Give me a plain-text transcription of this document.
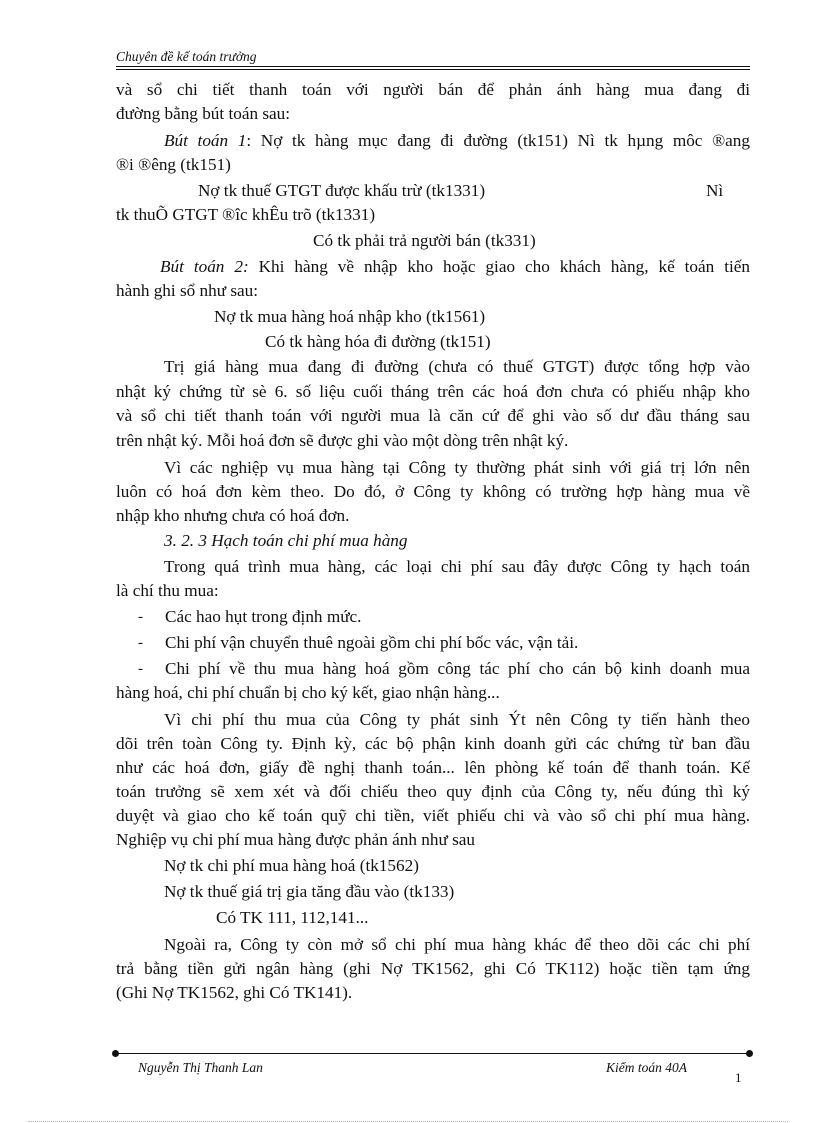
Chuyên đề kế toán trưởng
và sổ chi tiết thanh toán với người bán để phản ánh hàng mua đang đi
đường bằng bút toán sau:
Bút toán 1: Nợ tk hàng mục đang đi đường (tk151) Nì tk hµng môc ®ang
®i ®êng (tk151)
Nợ tk thuế GTGT được khấu trừ (tk1331)	Nì
tk thuÕ GTGT ®îc khÊu trõ (tk1331)
Có tk phải trả người bán (tk331)
Bút toán 2: Khi hàng về nhập kho hoặc giao cho khách hàng, kế toán tiến
hành ghi sổ như sau:
Nợ tk mua hàng hoá nhập kho (tk1561)
Có tk hàng hóa đi đường (tk151)
Trị giá hàng mua đang đi đường (chưa có thuế GTGT) được tổng hợp vào
nhật ký chứng từ sè 6. số liệu cuối tháng trên các hoá đơn chưa có phiếu nhập kho
và sổ chi tiết thanh toán với người mua là căn cứ để ghi vào số dư đầu tháng sau
trên nhật ký. Mỗi hoá đơn sẽ được ghi vào một dòng trên nhật ký.
Vì các nghiệp vụ mua hàng tại Công ty thường phát sinh với giá trị lớn nên
luôn có hoá đơn kèm theo. Do đó, ở Công ty không có trường hợp hàng mua về
nhập kho nhưng chưa có hoá đơn.
3. 2. 3 Hạch toán chi phí mua hàng
Trong quá trình mua hàng, các loại chi phí sau đây được Công ty hạch toán
là chí thu mua:
- Các hao hụt trong định mức.
- Chi phí vận chuyển thuê ngoài gồm chi phí bốc vác, vận tải.
- Chi phí về thu mua hàng hoá gồm công tác phí cho cán bộ kinh doanh mua
hàng hoá, chi phí chuẩn bị cho ký kết, giao nhận hàng...
Vì chi phí thu mua của Công ty phát sinh Ýt nên Công ty tiến hành theo
dõi trên toàn Công ty. Định kỳ, các bộ phận kinh doanh gửi các chứng từ ban đầu
như các hoá đơn, giấy đề nghị thanh toán... lên phòng kế toán để thanh toán. Kế
toán trưởng sẽ xem xét và đối chiếu theo quy định của Công ty, nếu đúng thì ký
duyệt và giao cho kế toán quỹ chi tiền, viết phiếu chi và vào sổ chi phí mua hàng.
Nghiệp vụ chi phí mua hàng được phản ánh như sau
Nợ tk chi phí mua hàng hoá (tk1562)
Nợ tk thuế giá trị gia tăng đầu vào (tk133)
Có TK 111, 112,141...
Ngoài ra, Công ty còn mở sổ chi phí mua hàng khác để theo dõi các chi phí
trả bằng tiền gửi ngân hàng (ghi Nợ TK1562, ghi Có TK112) hoặc tiền tạm ứng
(Ghi Nợ TK1562, ghi Có TK141).
Nguyễn Thị Thanh Lan	Kiểm toán 40A
1
